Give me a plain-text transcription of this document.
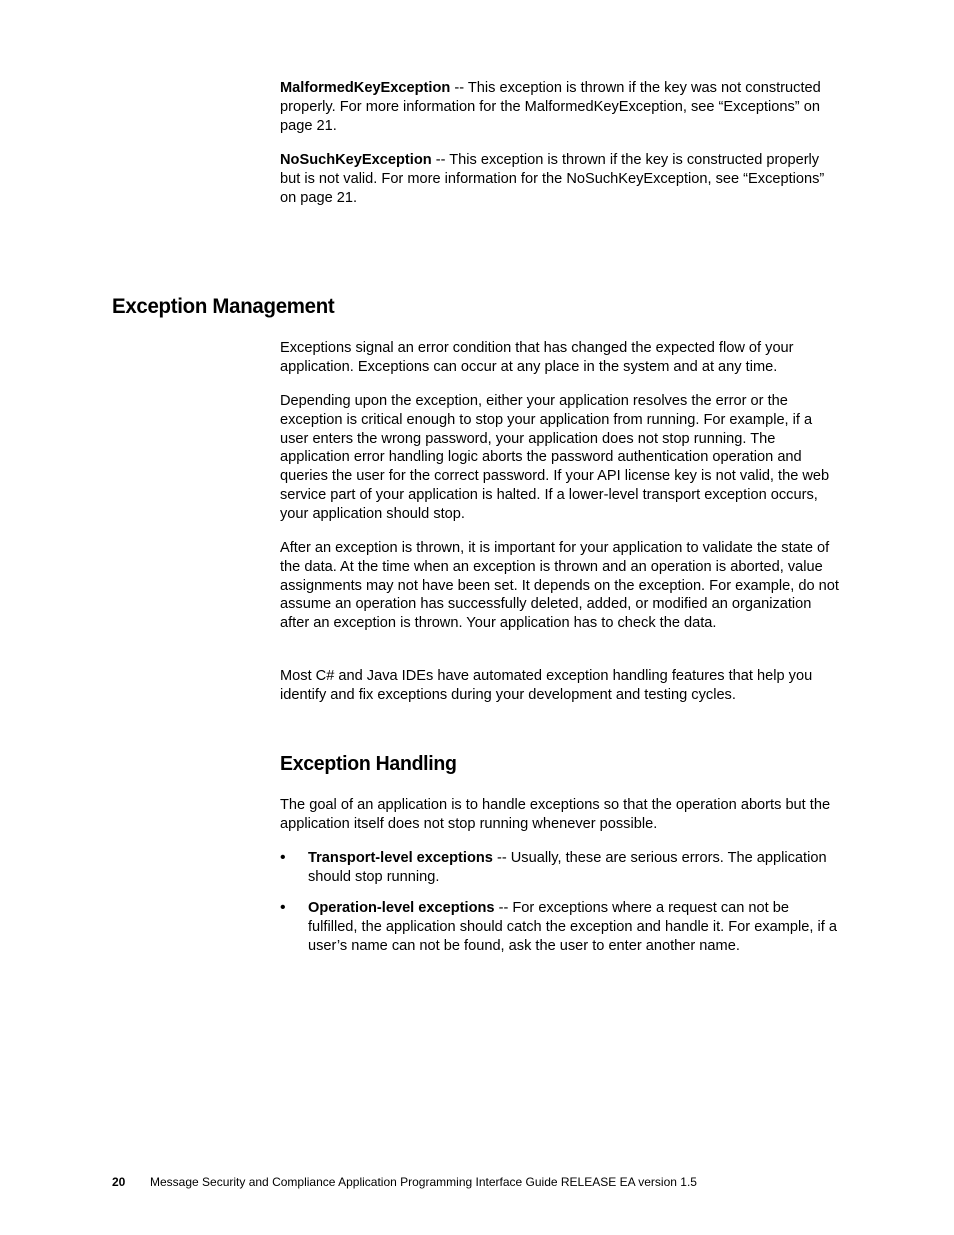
MalformedKeyException -- This exception is thrown if the key was not constructed properly. For more information for the MalformedKeyException, see “Exceptions” on page 21.

NoSuchKeyException -- This exception is thrown if the key is constructed properly but is not valid. For more information for the NoSuchKeyException, see “Exceptions” on page 21.

Exception Management

Exceptions signal an error condition that has changed the expected flow of your application. Exceptions can occur at any place in the system and at any time.

Depending upon the exception, either your application resolves the error or the exception is critical enough to stop your application from running. For example, if a user enters the wrong password, your application does not stop running. The application error handling logic aborts the password authentication operation and queries the user for the correct password. If your API license key is not valid, the web service part of your application is halted. If a lower-level transport exception occurs, your application should stop.

After an exception is thrown, it is important for your application to validate the state of the data. At the time when an exception is thrown and an operation is aborted, value assignments may not have been set. It depends on the exception. For example, do not assume an operation has successfully deleted, added, or modified an organization after an exception is thrown. Your application has to check the data.

Most C# and Java IDEs have automated exception handling features that help you identify and fix exceptions during your development and testing cycles.

Exception Handling

The goal of an application is to handle exceptions so that the operation aborts but the application itself does not stop running whenever possible.

• Transport-level exceptions -- Usually, these are serious errors. The application should stop running.

• Operation-level exceptions -- For exceptions where a request can not be fulfilled, the application should catch the exception and handle it. For example, if a user’s name can not be found, ask the user to enter another name.

20 Message Security and Compliance Application Programming Interface Guide RELEASE EA version 1.5
